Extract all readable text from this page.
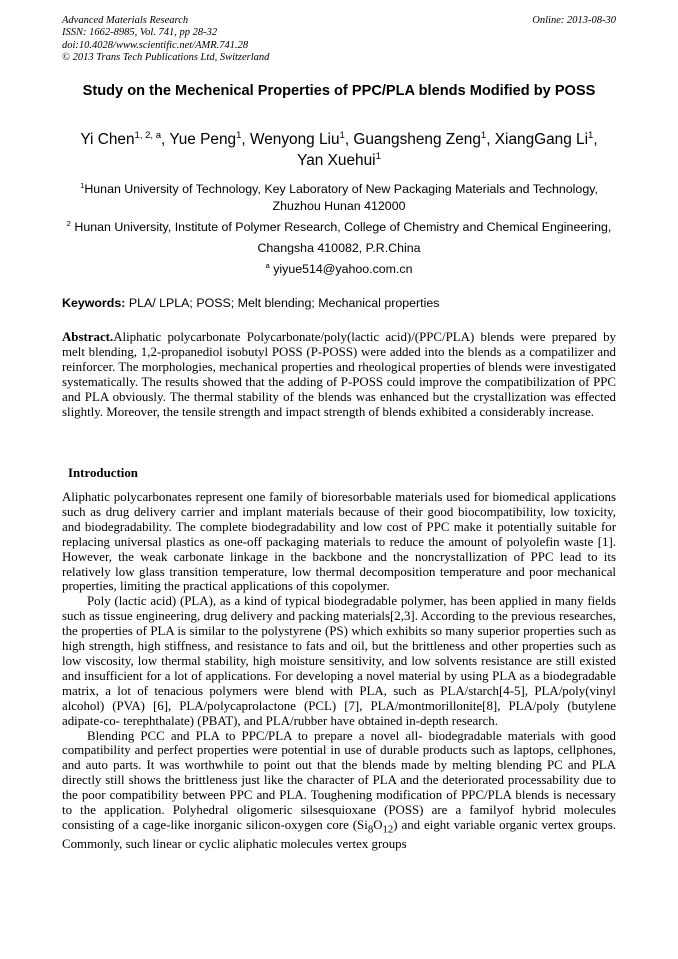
Advanced Materials Research
ISSN: 1662-8985, Vol. 741, pp 28-32
doi:10.4028/www.scientific.net/AMR.741.28
© 2013 Trans Tech Publications Ltd, Switzerland
Online: 2013-08-30
Study on the Mechenical Properties of PPC/PLA blends Modified by POSS
Yi Chen$^{1, 2, a}$, Yue Peng$^1$, Wenyong Liu$^1$, Guangsheng Zeng$^1$, XiangGang Li$^1$,
Yan Xuehui$^1$
$^1$Hunan University of Technology, Key Laboratory of New Packaging Materials and Technology, Zhuzhou Hunan 412000
$^2$ Hunan University, Institute of Polymer Research, College of Chemistry and Chemical Engineering,
Changsha 410082, P.R.China
$^a$ yiyue514@yahoo.com.cn
Keywords: PLA/ LPLA; POSS; Melt blending; Mechanical properties

Abstract.Aliphatic polycarbonate Polycarbonate/poly(lactic acid)/(PPC/PLA) blends were prepared by melt blending, 1,2-propanediol isobutyl POSS (P-POSS) were added into the blends as a compatilizer and reinforcer. The morphologies, mechanical properties and rheological properties of blends were investigated systematically. The results showed that the adding of P-POSS could improve the compatibilization of PPC and PLA obviously. The thermal stability of the blends was enhanced but the crystallization was effected slightly. Moreover, the tensile strength and impact strength of blends exhibited a considerably increase.

Introduction

Aliphatic polycarbonates represent one family of bioresorbable materials used for biomedical applications such as drug delivery carrier and implant materials because of their good biocompatibility, low toxicity, and biodegradability. The complete biodegradability and low cost of PPC make it potentially suitable for replacing universal plastics as one-off packaging materials to reduce the amount of polyolefin waste [1]. However, the weak carbonate linkage in the backbone and the noncrystallization of PPC lead to its relatively low glass transition temperature, low thermal decomposition temperature and poor mechanical properties, limiting the practical applications of this copolymer.

Poly (lactic acid) (PLA), as a kind of typical biodegradable polymer, has been applied in many fields such as tissue engineering, drug delivery and packing materials[2,3]. According to the previous researches, the properties of PLA is similar to the polystyrene (PS) which exhibits so many superior properties such as high strength, high stiffness, and resistance to fats and oil, but the brittleness and other properties such as low viscosity, low thermal stability, high moisture sensitivity, and low solvents resistance are still existed and insufficient for a lot of applications. For developing a novel material by using PLA as a biodegradable matrix, a lot of tenacious polymers were blend with PLA, such as PLA/starch[4-5], PLA/poly(vinyl alcohol) (PVA) [6], PLA/polycaprolactone (PCL) [7], PLA/montmorillonite[8], PLA/poly (butylene adipate-co- terephthalate) (PBAT), and PLA/rubber have obtained in-depth research.

Blending PCC and PLA to PPC/PLA to prepare a novel all- biodegradable materials with good compatibility and perfect properties were potential in use of durable products such as laptops, cellphones, and auto parts. It was worthwhile to point out that the blends made by melting blending PC and PLA directly still shows the brittleness just like the character of PLA and the deteriorated processability due to the poor compatibility between PPC and PLA. Toughening modification of PPC/PLA blends is necessary to the application. Polyhedral oligomeric silsesquioxane (POSS) are a familyof hybrid molecules consisting of a cage-like inorganic silicon-oxygen core $(Si_8O_{12})$ and eight variable organic vertex groups. Commonly, such linear or cyclic aliphatic molecules vertex groups
